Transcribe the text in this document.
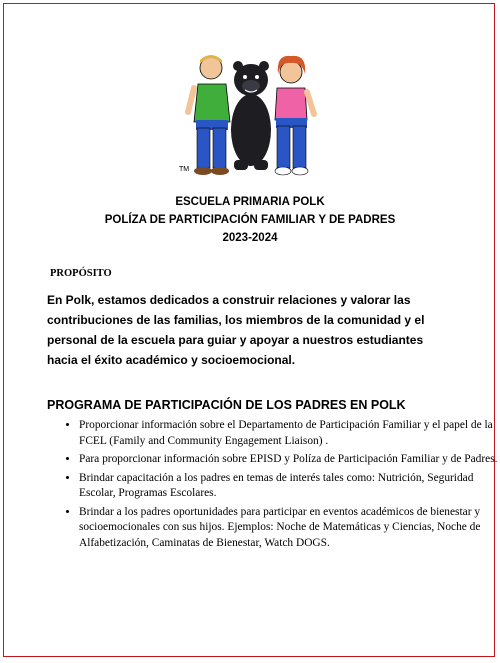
TM
ESCUELA PRIMARIA POLK
POLÍZA DE PARTICIPACIÓN FAMILIAR Y DE PADRES
2023-2024
PROPÓSITO
En Polk, estamos dedicados a construir relaciones y valorar las contribuciones de las familias, los miembros de la comunidad y el personal de la escuela para guiar y apoyar a nuestros estudiantes hacia el éxito académico y socioemocional.
PROGRAMA DE PARTICIPACIÓN DE LOS PADRES EN POLK
• Proporcionar información sobre el Departamento de Participación Familiar y el papel de la FCEL (Family and Community Engagement Liaison) .
• Para proporcionar información sobre EPISD y Políza de Participación Familiar y de Padres.
• Brindar capacitación a los padres en temas de interés tales como: Nutrición, Seguridad Escolar, Programas Escolares.
• Brindar a los padres oportunidades para participar en eventos académicos de bienestar y socioemocionales con sus hijos. Ejemplos: Noche de Matemáticas y Ciencias, Noche de Alfabetización, Caminatas de Bienestar, Watch DOGS.
